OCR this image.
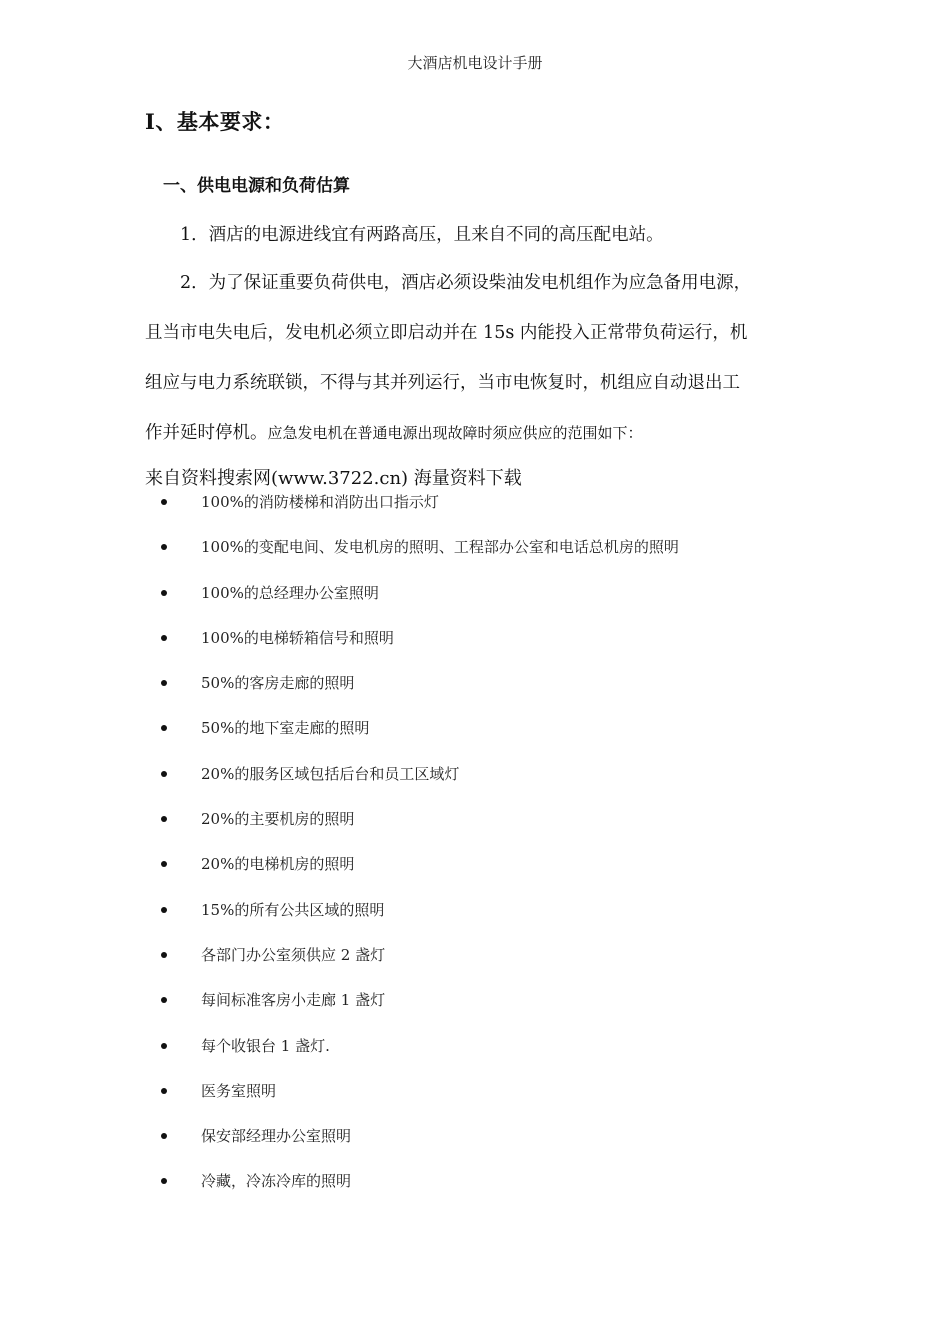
大酒店机电设计手册
I、基本要求：
一、供电电源和负荷估算
1．酒店的电源进线宜有两路高压，且来自不同的高压配电站。
2．为了保证重要负荷供电，酒店必须设柴油发电机组作为应急备用电源，
且当市电失电后，发电机必须立即启动并在 15s 内能投入正常带负荷运行，机
组应与电力系统联锁，不得与其并列运行，当市电恢复时，机组应自动退出工
作并延时停机。应急发电机在普通电源出现故障时须应供应的范围如下：
来自资料搜索网(www.3722.cn) 海量资料下载
100%的消防楼梯和消防出口指示灯
100%的变配电间、发电机房的照明、工程部办公室和电话总机房的照明
100%的总经理办公室照明
100%的电梯轿箱信号和照明
50%的客房走廊的照明
50%的地下室走廊的照明
20%的服务区域包括后台和员工区域灯
20%的主要机房的照明
20%的电梯机房的照明
15%的所有公共区域的照明
各部门办公室须供应 2 盏灯
每间标准客房小走廊 1 盏灯
每个收银台 1 盏灯.
医务室照明
保安部经理办公室照明
冷藏，冷冻冷库的照明
